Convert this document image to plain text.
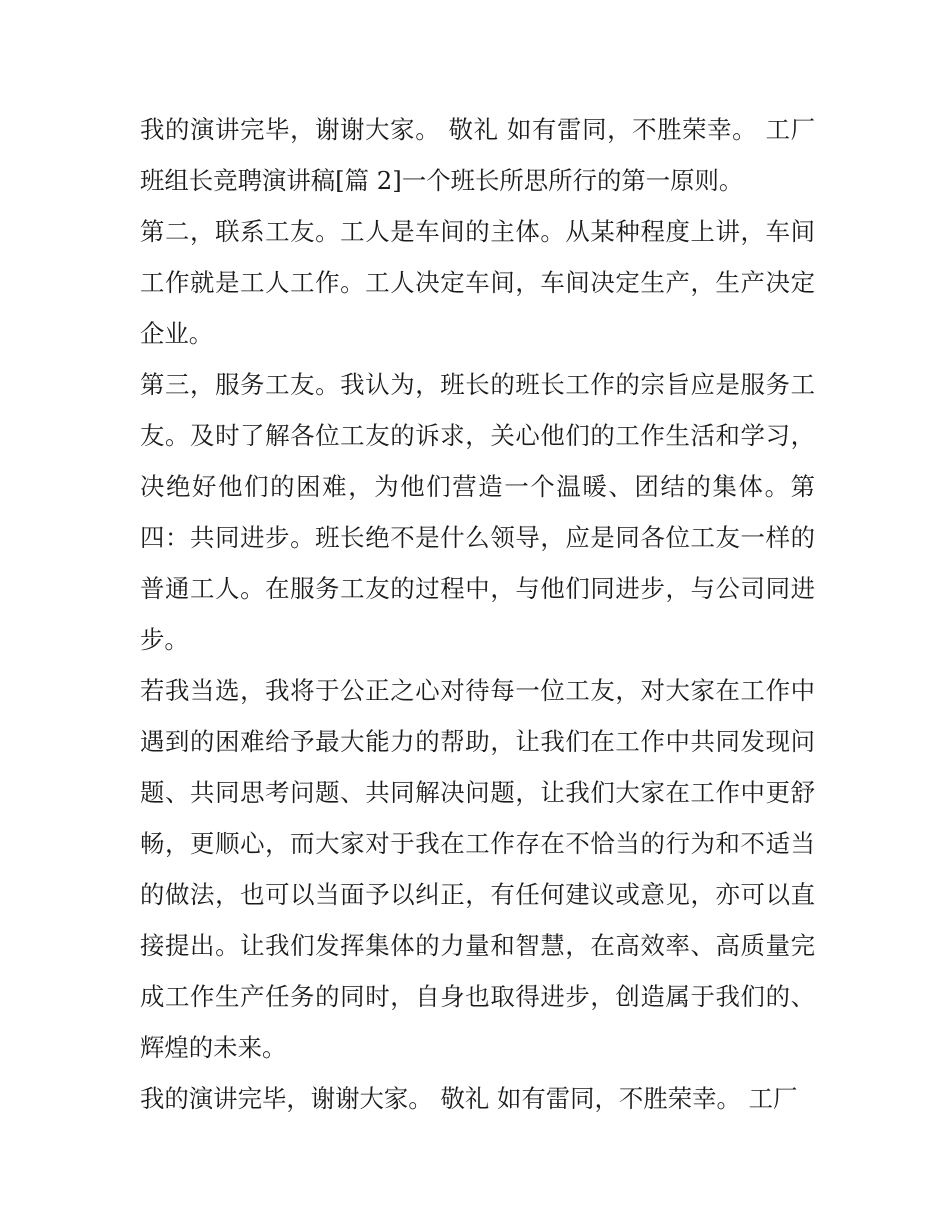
我的演讲完毕，谢谢大家。 敬礼 如有雷同，不胜荣幸。 工厂班组长竞聘演讲稿[篇 2]一个班长所思所行的第一原则。

第二，联系工友。工人是车间的主体。从某种程度上讲，车间工作就是工人工作。工人决定车间，车间决定生产，生产决定企业。

第三，服务工友。我认为，班长的班长工作的宗旨应是服务工友。及时了解各位工友的诉求，关心他们的工作生活和学习，决绝好他们的困难，为他们营造一个温暖、团结的集体。第四：共同进步。班长绝不是什么领导，应是同各位工友一样的普通工人。在服务工友的过程中，与他们同进步，与公司同进步。

若我当选，我将于公正之心对待每一位工友，对大家在工作中遇到的困难给予最大能力的帮助，让我们在工作中共同发现问题、共同思考问题、共同解决问题，让我们大家在工作中更舒畅，更顺心，而大家对于我在工作存在不恰当的行为和不适当的做法，也可以当面予以纠正，有任何建议或意见，亦可以直接提出。让我们发挥集体的力量和智慧，在高效率、高质量完成工作生产任务的同时，自身也取得进步，创造属于我们的、辉煌的未来。

我的演讲完毕，谢谢大家。 敬礼 如有雷同，不胜荣幸。 工厂
